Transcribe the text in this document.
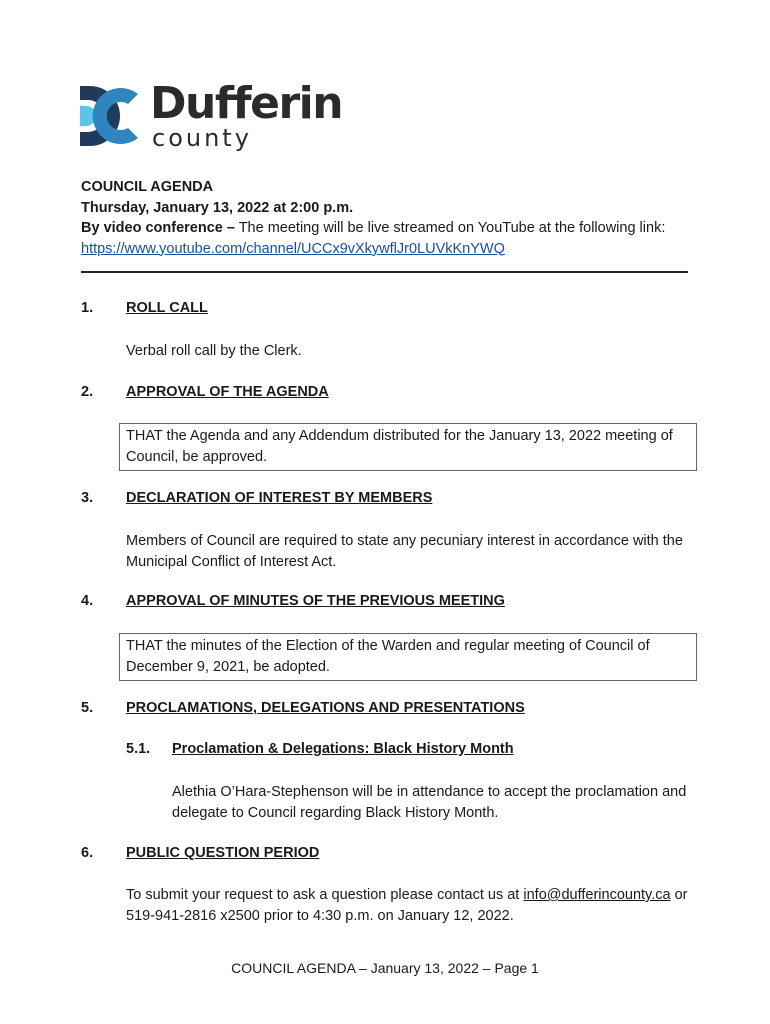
Dufferin
county
COUNCIL AGENDA
Thursday, January 13, 2022 at 2:00 p.m.
By video conference – The meeting will be live streamed on YouTube at the following link:
https://www.youtube.com/channel/UCCx9vXkywflJr0LUVkKnYWQ
1. ROLL CALL
Verbal roll call by the Clerk.
2. APPROVAL OF THE AGENDA
THAT the Agenda and any Addendum distributed for the January 13, 2022 meeting of Council, be approved.
3. DECLARATION OF INTEREST BY MEMBERS
Members of Council are required to state any pecuniary interest in accordance with the Municipal Conflict of Interest Act.
4. APPROVAL OF MINUTES OF THE PREVIOUS MEETING
THAT the minutes of the Election of the Warden and regular meeting of Council of December 9, 2021, be adopted.
5. PROCLAMATIONS, DELEGATIONS AND PRESENTATIONS
5.1. Proclamation & Delegations: Black History Month
Alethia O’Hara-Stephenson will be in attendance to accept the proclamation and delegate to Council regarding Black History Month.
6. PUBLIC QUESTION PERIOD
To submit your request to ask a question please contact us at info@dufferincounty.ca or 519-941-2816 x2500 prior to 4:30 p.m. on January 12, 2022.
COUNCIL AGENDA – January 13, 2022 – Page 1
